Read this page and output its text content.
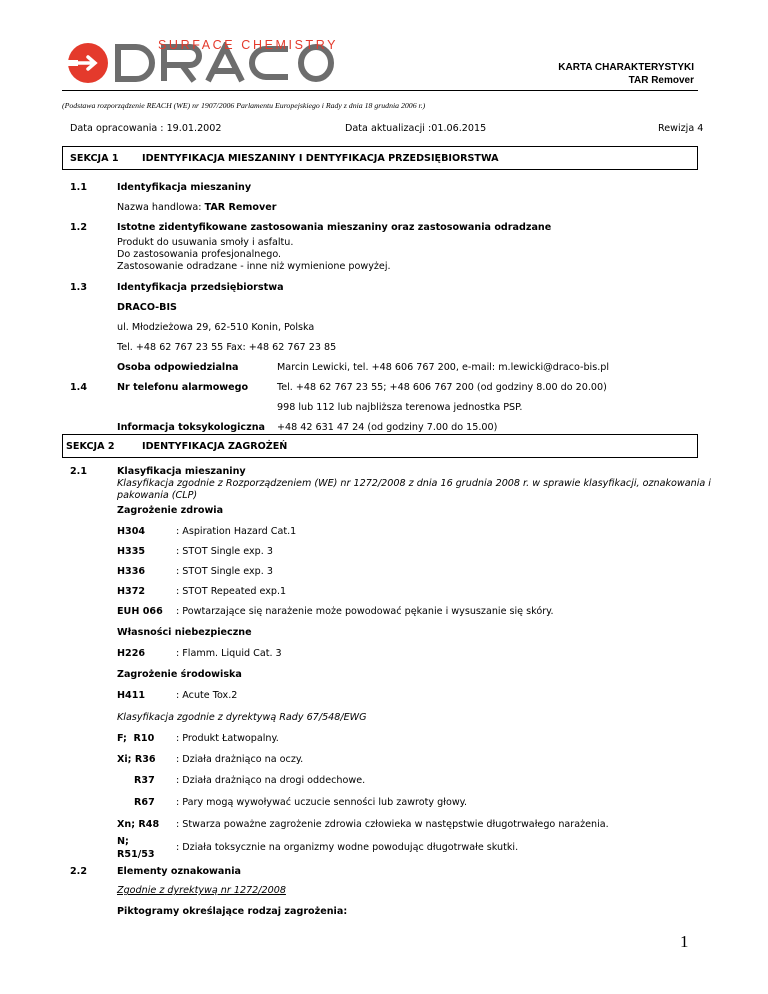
SURFACE CHEMISTRY
KARTA CHARAKTERYSTYKI
TAR Remover
(Podstawa rozporządzenie REACH (WE) nr 1907/2006 Parlamentu Europejskiego i Rady z dnia 18 grudnia 2006 r.)
Data opracowania : 19.01.2002	Data aktualizacji :01.06.2015	Rewizja 4
SEKCJA 1 IDENTYFIKACJA MIESZANINY I DENTYFIKACJA PRZEDSIĘBIORSTWA
1.1	Identyfikacja mieszaniny
Nazwa handlowa: TAR Remover
1.2	Istotne zidentyfikowane zastosowania mieszaniny oraz zastosowania odradzane
Produkt do usuwania smoły i asfaltu.
Do zastosowania profesjonalnego.
Zastosowanie odradzane - inne niż wymienione powyżej.
1.3	Identyfikacja przedsiębiorstwa
DRACO-BIS
ul. Młodzieżowa 29, 62-510 Konin, Polska
Tel. +48 62 767 23 55 Fax: +48 62 767 23 85
Osoba odpowiedzialna	Marcin Lewicki, tel. +48 606 767 200, e-mail: m.lewicki@draco-bis.pl
1.4	Nr telefonu alarmowego	Tel. +48 62 767 23 55; +48 606 767 200 (od godziny 8.00 do 20.00)
998 lub 112 lub najbliższa terenowa jednostka PSP.
Informacja toksykologiczna +48 42 631 47 24 (od godziny 7.00 do 15.00)
SEKCJA 2	IDENTYFIKACJA ZAGROŻEŃ
2.1	Klasyfikacja mieszaniny
Klasyfikacja zgodnie z Rozporządzeniem (WE) nr 1272/2008 z dnia 16 grudnia 2008 r. w sprawie klasyfikacji, oznakowania i
pakowania (CLP)
Zagrożenie zdrowia
H304	: Aspiration Hazard Cat.1
H335	: STOT Single exp. 3
H336	: STOT Single exp. 3
H372	: STOT Repeated exp.1
EUH 066 : Powtarzające się narażenie może powodować pękanie i wysuszanie się skóry.
Własności niebezpieczne
H226	: Flamm. Liquid Cat. 3
Zagrożenie środowiska
H411	: Acute Tox.2
Klasyfikacja zgodnie z dyrektywą Rady 67/548/EWG
F;  R10 : Produkt Łatwopalny.
Xi; R36 : Działa drażniąco na oczy.
R37 : Działa drażniąco na drogi oddechowe.
R67 : Pary mogą wywoływać uczucie senności lub zawroty głowy.
Xn; R48 : Stwarza poważne zagrożenie zdrowia człowieka w następstwie długotrwałego narażenia.
N;
R51/53
: Działa toksycznie na organizmy wodne powodując długotrwałe skutki.
2.2	Elementy oznakowania
Zgodnie z dyrektywą nr 1272/2008
Piktogramy określające rodzaj zagrożenia:
1
